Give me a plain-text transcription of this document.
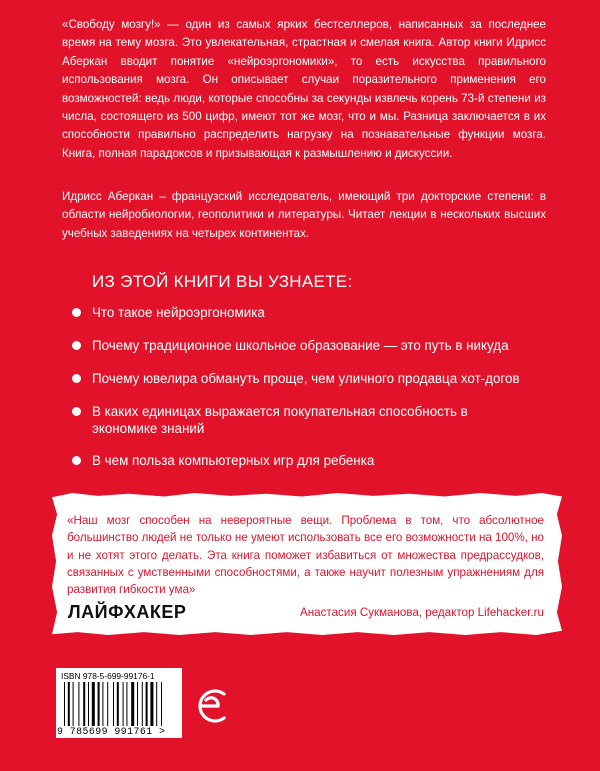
«Свободу мозгу!» — один из самых ярких бестселлеров, написанных за последнее время на тему мозга. Это увлекательная, страстная и смелая книга. Автор книги Идрисс Аберкан вводит понятие «нейроэргономики», то есть искусства правильного использования мозга. Он описывает случаи поразительного применения его возможностей: ведь люди, которые способны за секунды извлечь корень 73-й степени из числа, состоящего из 500 цифр, имеют тот же мозг, что и мы. Разница заключается в их способности правильно распределить нагрузку на познавательные функции мозга. Книга, полная парадоксов и призывающая к размышлению и дискуссии.

Идрисс Аберкан – французский исследователь, имеющий три докторские степени: в области нейробиологии, геополитики и литературы. Читает лекции в нескольких высших учебных заведениях на четырех континентах.

ИЗ ЭТОЙ КНИГИ ВЫ УЗНАЕТЕ:
Что такое нейроэргономика
Почему традиционное школьное образование — это путь в никуда
Почему ювелира обмануть проще, чем уличного продавца хот-догов
В каких единицах выражается покупательная способность в экономике знаний
В чем польза компьютерных игр для ребенка

«Наш мозг способен на невероятные вещи. Проблема в том, что абсолютное большинство людей не только не умеют использовать все его возможности на 100%, но и не хотят этого делать. Эта книга поможет избавиться от множества предрассудков, связанных с умственными способностями, а также научит полезным упражнениям для развития гибкости ума»

ЛАЙФХАКЕР	Анастасия Сукманова, редактор Lifehacker.ru
ISBN 978-5-699-99176-1
9 785699 991761 >
